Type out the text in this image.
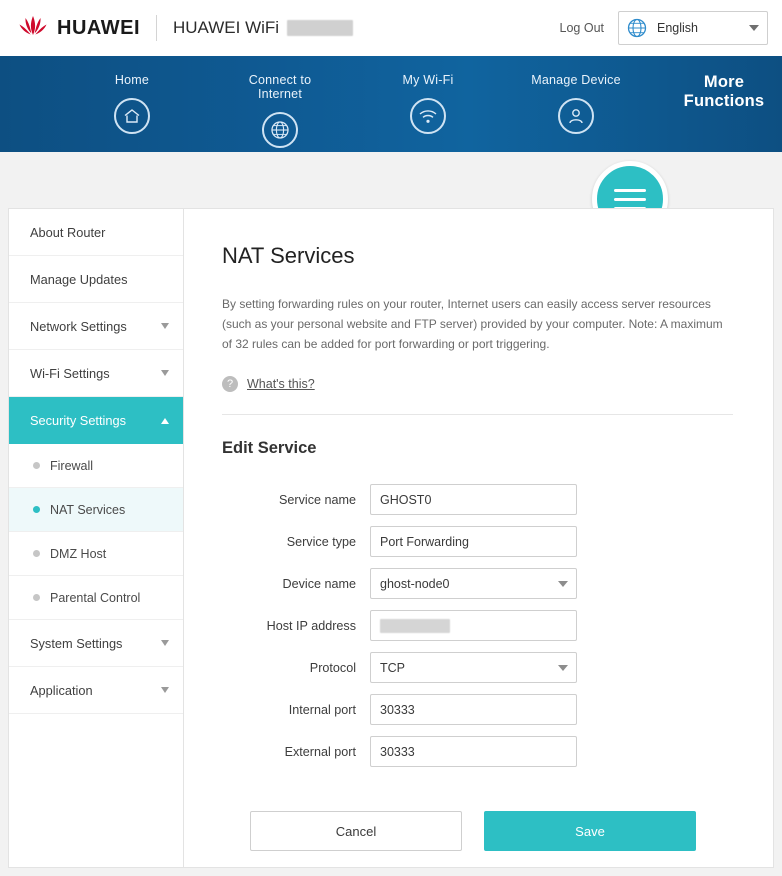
HUAWEI HUAWEI WiFi	Log Out	English
Home	Connect to Internet
My Wi-Fi	Manage Device	More Functions
About Router
Manage Updates
Network Settings
Wi-Fi Settings
Security Settings
Firewall
NAT Services
DMZ Host
Parental Control
System Settings
Application
NAT Services

By setting forwarding rules on your router, Internet users can easily access server resources (such as your personal website and FTP server) provided by your computer. Note: A maximum of 32 rules can be added for port forwarding or port triggering.

?	What's this?
Edit Service
Service name	GHOST0
Service type	Port Forwarding
Device name	ghost-node0
Host IP address
Protocol	TCP
Internal port	30333
External port	30333
Cancel	Save
